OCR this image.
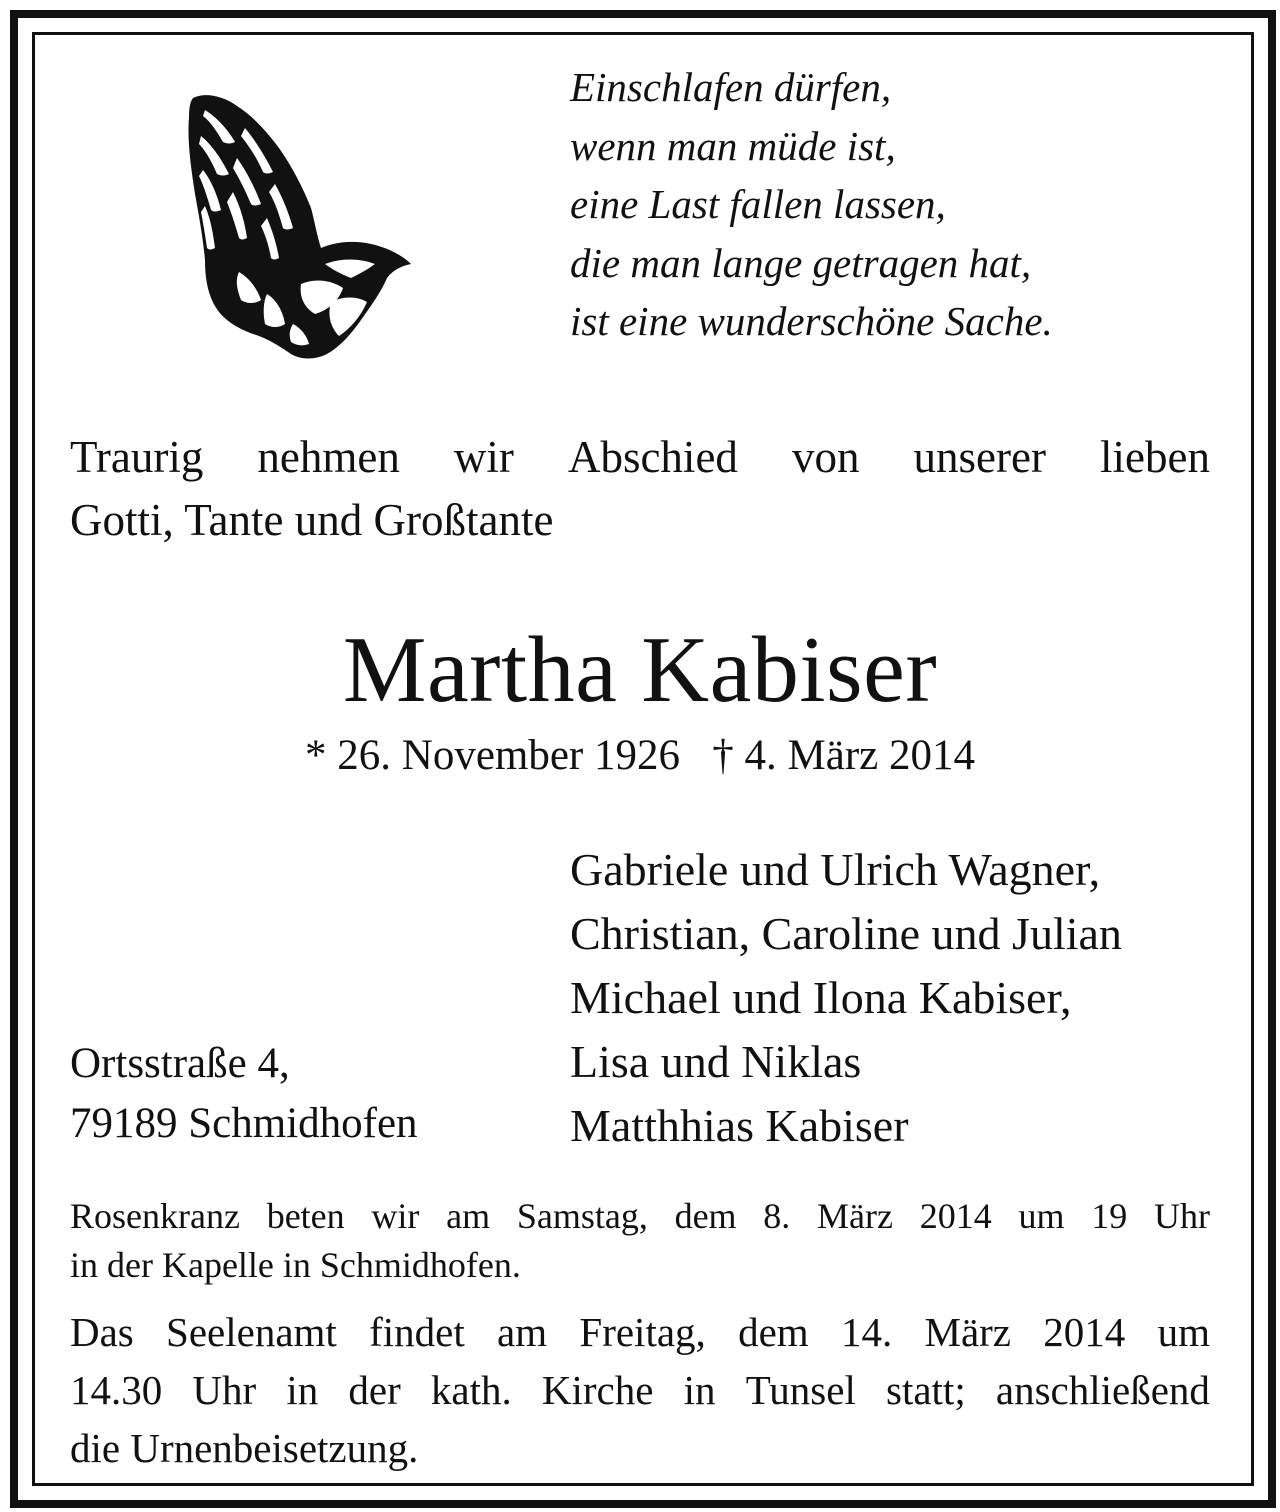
Einschlafen dürfen,
wenn man müde ist,
eine Last fallen lassen,
die man lange getragen hat,
ist eine wunderschöne Sache.
Traurig nehmen wir Abschied von unserer lieben
Gotti, Tante und Großtante
Martha Kabiser
* 26. November 1926   † 4. März 2014
Gabriele und Ulrich Wagner,
Christian, Caroline und Julian
Michael und Ilona Kabiser,
Lisa und Niklas
Matthhias Kabiser
Ortsstraße 4,
79189 Schmidhofen
Rosenkranz beten wir am Samstag, dem 8. März 2014 um 19 Uhr
in der Kapelle in Schmidhofen.
Das Seelenamt findet am Freitag, dem 14. März 2014 um
14.30 Uhr in der kath. Kirche in Tunsel statt; anschließend
die Urnenbeisetzung.
